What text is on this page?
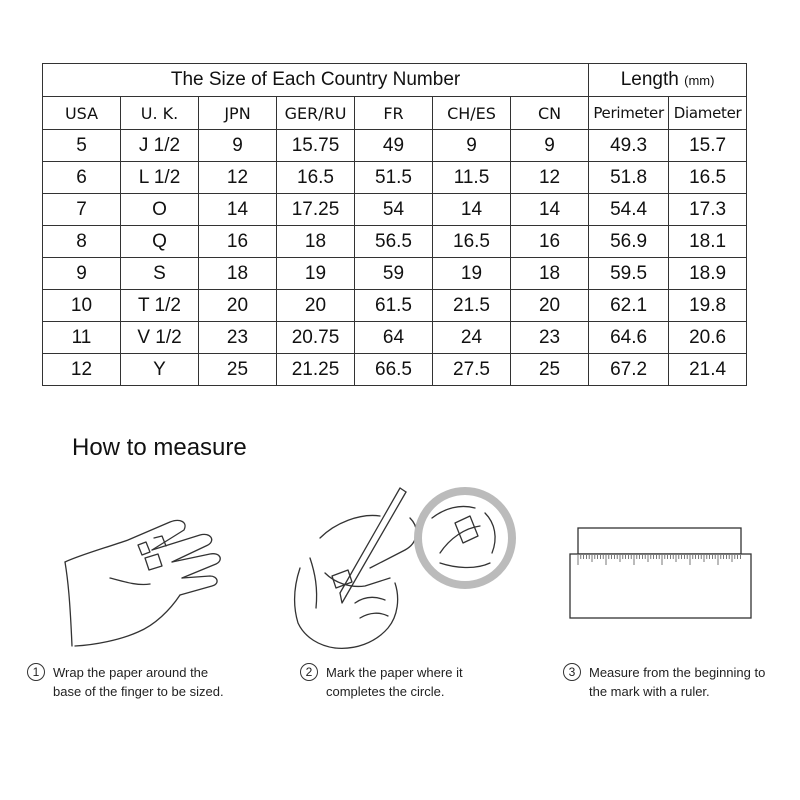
The Size of Each Country Number							Length (mm)	
USA	U. K.	JPN	GER/RU	FR	CH/ES	CN	Perimeter	Diameter
5	J 1/2	9	15.75	49	9	9	49.3	15.7
6	L 1/2	12	16.5	51.5	11.5	12	51.8	16.5
7	O	14	17.25	54	14	14	54.4	17.3
8	Q	16	18	56.5	16.5	16	56.9	18.1
9	S	18	19	59	19	18	59.5	18.9
10	T 1/2	20	20	61.5	21.5	20	62.1	19.8
11	V 1/2	23	20.75	64	24	23	64.6	20.6
12	Y	25	21.25	66.5	27.5	25	67.2	21.4
How to measure
1	Wrap the paper around the
base of the finger to be sized.
2	Mark the paper where it
completes the circle.
3	Measure from the beginning to
the mark with a ruler.
